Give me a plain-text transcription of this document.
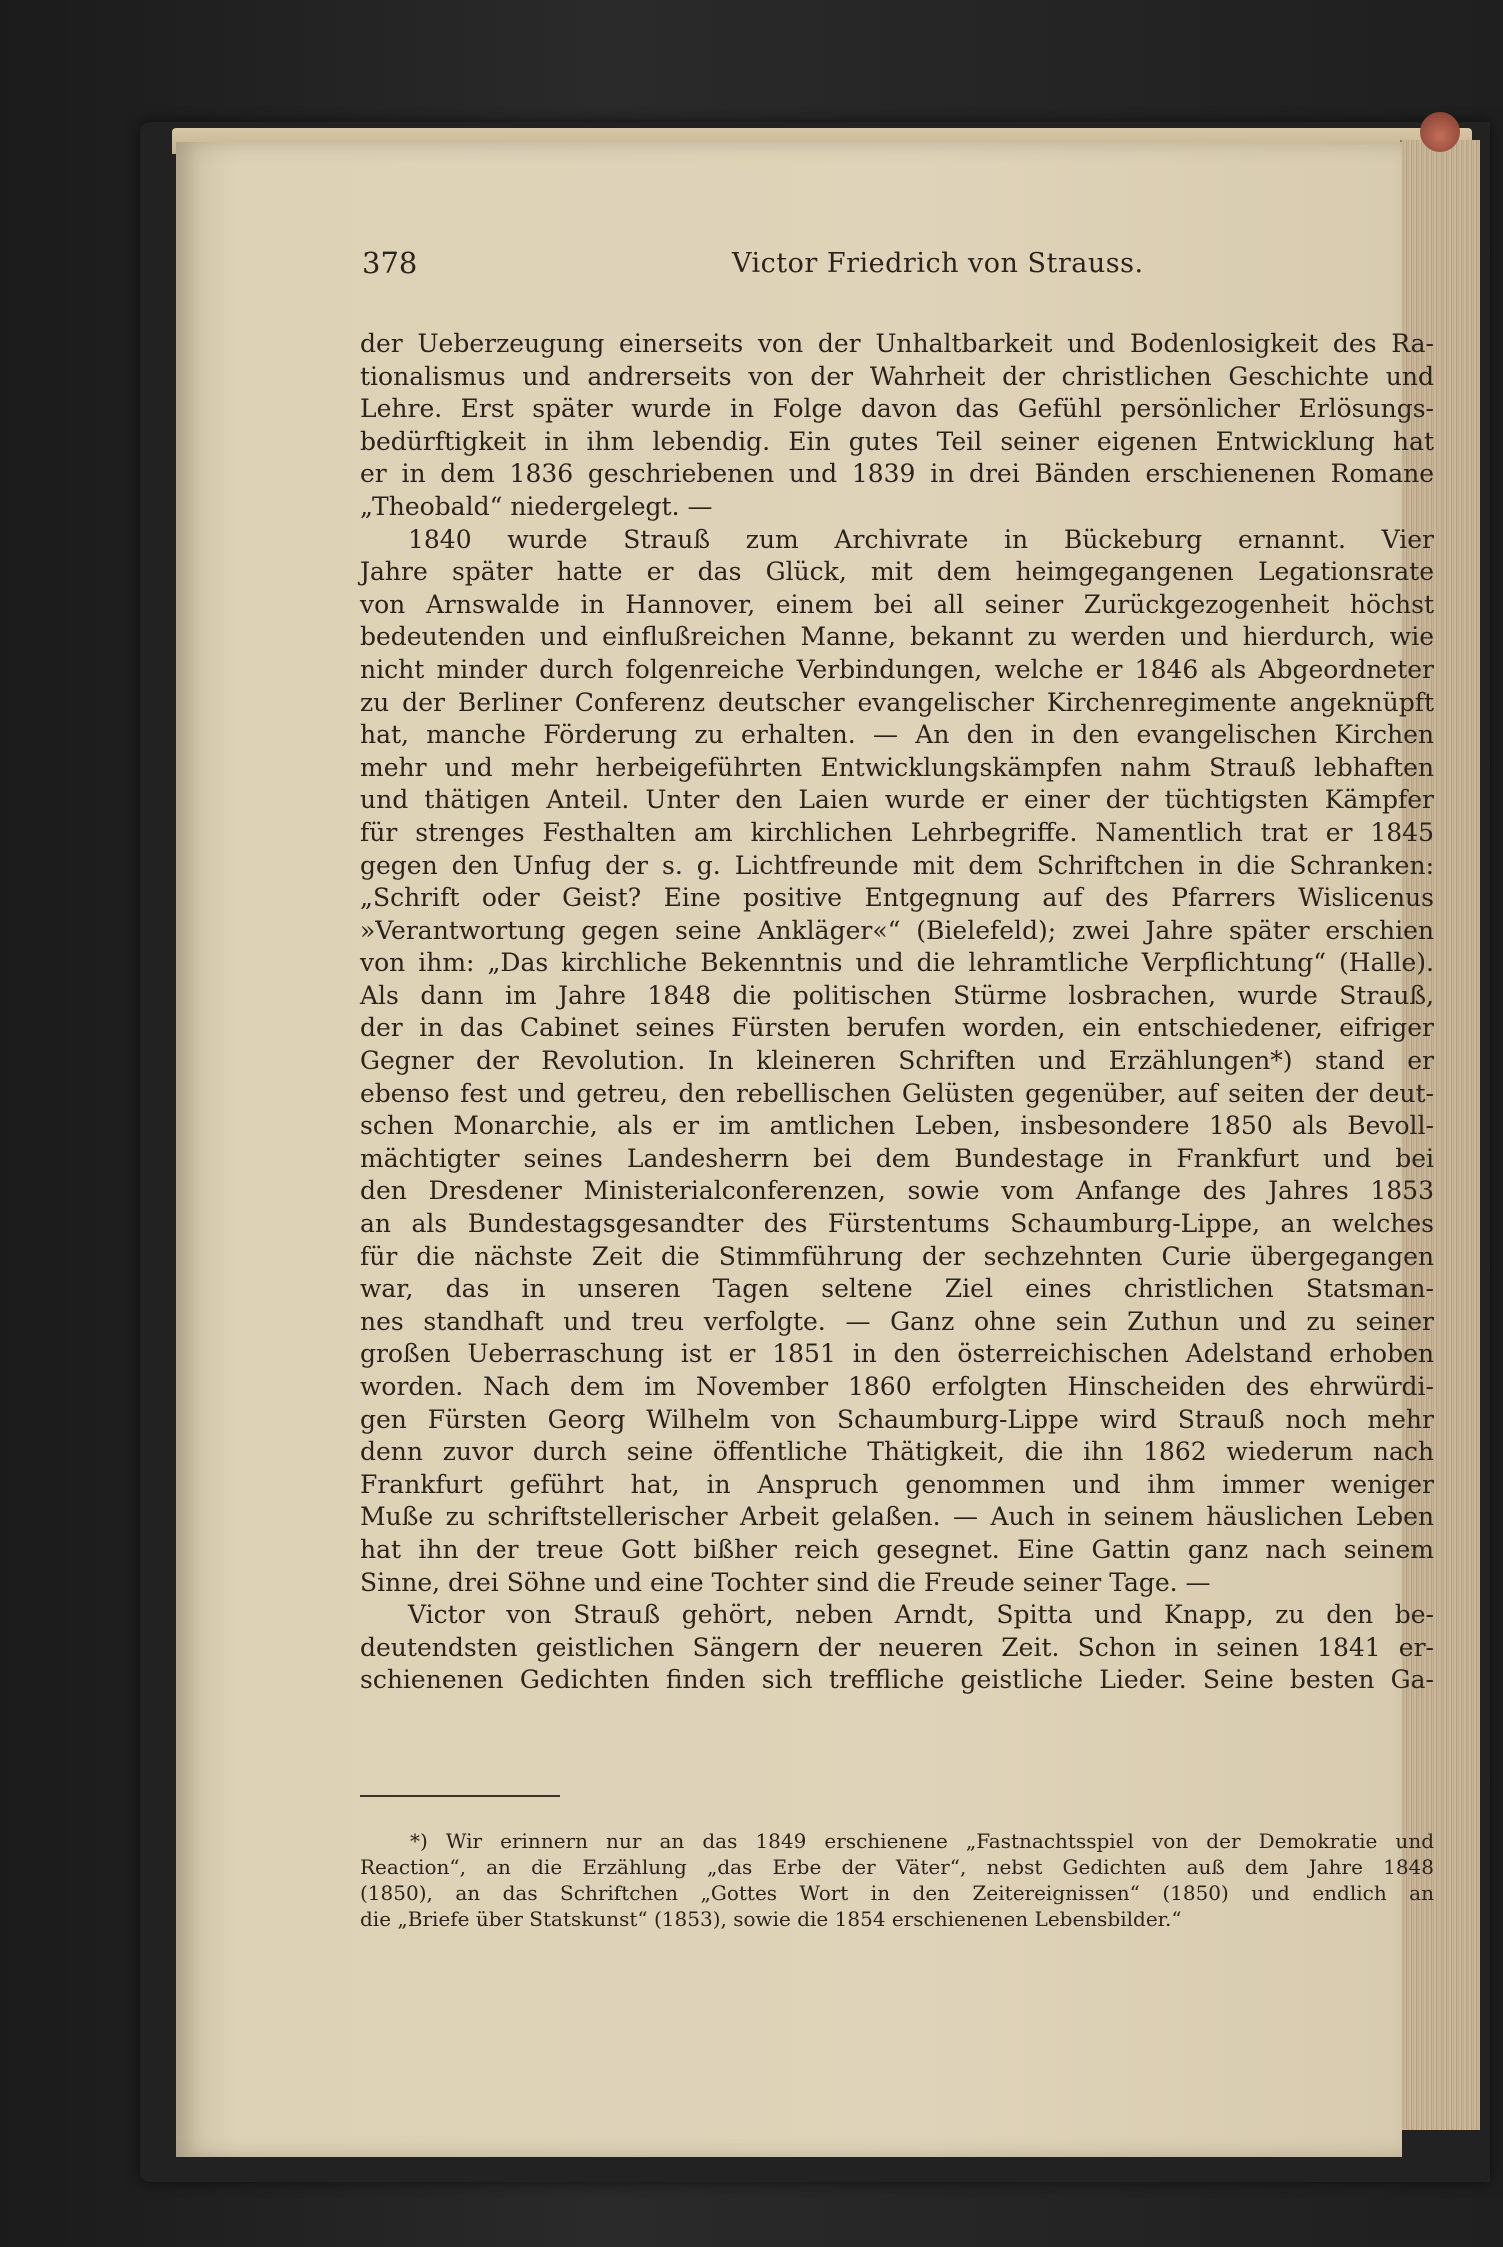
378	Victor Friedrich von Strauss.
der Ueberzeugung einerseits von der Unhaltbarkeit und Bodenlosigkeit des Ra-
tionalismus und andrerseits von der Wahrheit der christlichen Geschichte und
Lehre. Erst später wurde in Folge davon das Gefühl persönlicher Erlösungs-
bedürftigkeit in ihm lebendig. Ein gutes Teil seiner eigenen Entwicklung hat
er in dem 1836 geschriebenen und 1839 in drei Bänden erschienenen Romane
„Theobald“ niedergelegt. —
1840 wurde Strauß zum Archivrate in Bückeburg ernannt. Vier
Jahre später hatte er das Glück, mit dem heimgegangenen Legationsrate
von Arnswalde in Hannover, einem bei all seiner Zurückgezogenheit höchst
bedeutenden und einflußreichen Manne, bekannt zu werden und hierdurch, wie
nicht minder durch folgenreiche Verbindungen, welche er 1846 als Abgeordneter
zu der Berliner Conferenz deutscher evangelischer Kirchenregimente angeknüpft
hat, manche Förderung zu erhalten. — An den in den evangelischen Kirchen
mehr und mehr herbeigeführten Entwicklungskämpfen nahm Strauß lebhaften
und thätigen Anteil. Unter den Laien wurde er einer der tüchtigsten Kämpfer
für strenges Festhalten am kirchlichen Lehrbegriffe. Namentlich trat er 1845
gegen den Unfug der s. g. Lichtfreunde mit dem Schriftchen in die Schranken:
„Schrift oder Geist? Eine positive Entgegnung auf des Pfarrers Wislicenus
»Verantwortung gegen seine Ankläger«“ (Bielefeld); zwei Jahre später erschien
von ihm: „Das kirchliche Bekenntnis und die lehramtliche Verpflichtung“ (Halle).
Als dann im Jahre 1848 die politischen Stürme losbrachen, wurde Strauß,
der in das Cabinet seines Fürsten berufen worden, ein entschiedener, eifriger
Gegner der Revolution. In kleineren Schriften und Erzählungen*) stand er
ebenso fest und getreu, den rebellischen Gelüsten gegenüber, auf seiten der deut-
schen Monarchie, als er im amtlichen Leben, insbesondere 1850 als Bevoll-
mächtigter seines Landesherrn bei dem Bundestage in Frankfurt und bei
den Dresdener Ministerialconferenzen, sowie vom Anfange des Jahres 1853
an als Bundestagsgesandter des Fürstentums Schaumburg-Lippe, an welches
für die nächste Zeit die Stimmführung der sechzehnten Curie übergegangen
war, das in unseren Tagen seltene Ziel eines christlichen Statsman-
nes standhaft und treu verfolgte. — Ganz ohne sein Zuthun und zu seiner
großen Ueberraschung ist er 1851 in den österreichischen Adelstand erhoben
worden. Nach dem im November 1860 erfolgten Hinscheiden des ehrwürdi-
gen Fürsten Georg Wilhelm von Schaumburg-Lippe wird Strauß noch mehr
denn zuvor durch seine öffentliche Thätigkeit, die ihn 1862 wiederum nach
Frankfurt geführt hat, in Anspruch genommen und ihm immer weniger
Muße zu schriftstellerischer Arbeit gelaßen. — Auch in seinem häuslichen Leben
hat ihn der treue Gott bißher reich gesegnet. Eine Gattin ganz nach seinem
Sinne, drei Söhne und eine Tochter sind die Freude seiner Tage. —
Victor von Strauß gehört, neben Arndt, Spitta und Knapp, zu den be-
deutendsten geistlichen Sängern der neueren Zeit. Schon in seinen 1841 er-
schienenen Gedichten finden sich treffliche geistliche Lieder. Seine besten Ga-
*) Wir erinnern nur an das 1849 erschienene „Fastnachtsspiel von der Demokratie und
Reaction“, an die Erzählung „das Erbe der Väter“, nebst Gedichten auß dem Jahre 1848
(1850), an das Schriftchen „Gottes Wort in den Zeitereignissen“ (1850) und endlich an
die „Briefe über Statskunst“ (1853), sowie die 1854 erschienenen Lebensbilder.“
